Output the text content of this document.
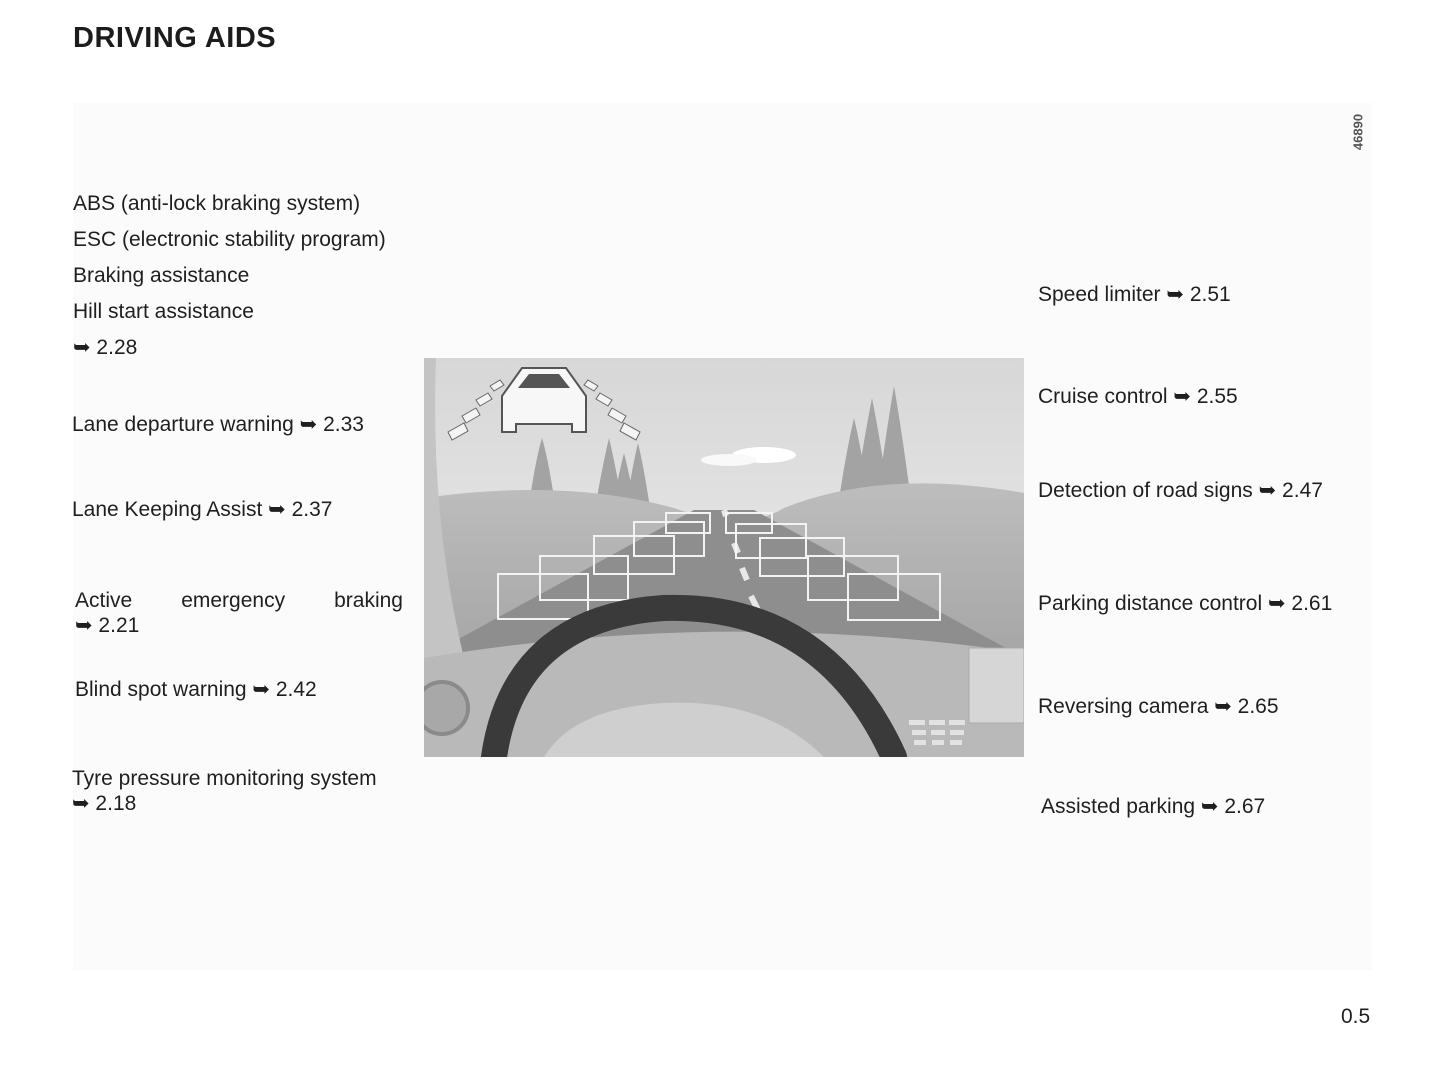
DRIVING AIDS
46890
ABS (anti-lock braking system)
ESC (electronic stability program)
Braking assistance
Hill start assistance
➥ 2.28
Lane departure warning ➥ 2.33
Lane Keeping Assist ➥ 2.37
Active emergency braking
➥ 2.21
Blind spot warning ➥ 2.42
Tyre pressure monitoring system
➥ 2.18
Speed limiter ➥ 2.51
Cruise control ➥ 2.55
Detection of road signs ➥ 2.47
Parking distance control ➥ 2.61
Reversing camera ➥ 2.65
Assisted parking ➥ 2.67
0.5
